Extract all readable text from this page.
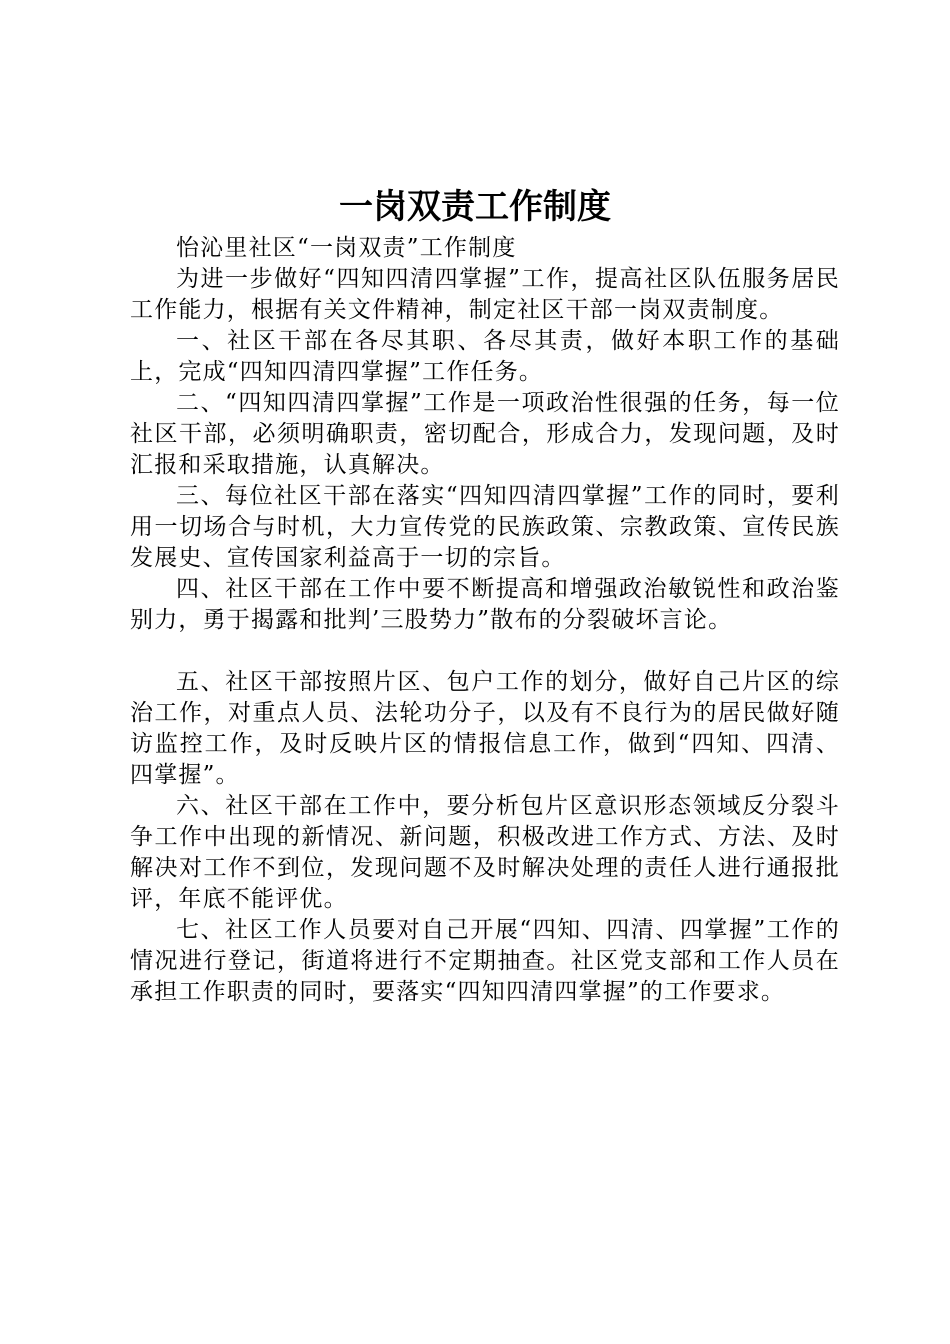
一岗双责工作制度

怡沁里社区“一岗双责”工作制度

为进一步做好“四知四清四掌握”工作，提高社区队伍服务居民工作能力，根据有关文件精神，制定社区干部一岗双责制度。

一、社区干部在各尽其职、各尽其责，做好本职工作的基础上，完成“四知四清四掌握”工作任务。

二、“四知四清四掌握”工作是一项政治性很强的任务，每一位社区干部，必须明确职责，密切配合，形成合力，发现问题，及时汇报和采取措施，认真解决。

三、每位社区干部在落实“四知四清四掌握”工作的同时，要利用一切场合与时机，大力宣传党的民族政策、宗教政策、宣传民族发展史、宣传国家利益高于一切的宗旨。

四、社区干部在工作中要不断提高和增强政治敏锐性和政治鉴别力，勇于揭露和批判’三股势力”散布的分裂破坏言论。

五、社区干部按照片区、包户工作的划分，做好自己片区的综治工作，对重点人员、法轮功分子，以及有不良行为的居民做好随访监控工作，及时反映片区的情报信息工作，做到“四知、四清、四掌握”。

六、社区干部在工作中，要分析包片区意识形态领域反分裂斗争工作中出现的新情况、新问题，积极改进工作方式、方法、及时解决对工作不到位，发现问题不及时解决处理的责任人进行通报批评，年底不能评优。

七、社区工作人员要对自己开展“四知、四清、四掌握”工作的情况进行登记，街道将进行不定期抽查。社区党支部和工作人员在承担工作职责的同时，要落实“四知四清四掌握”的工作要求。
